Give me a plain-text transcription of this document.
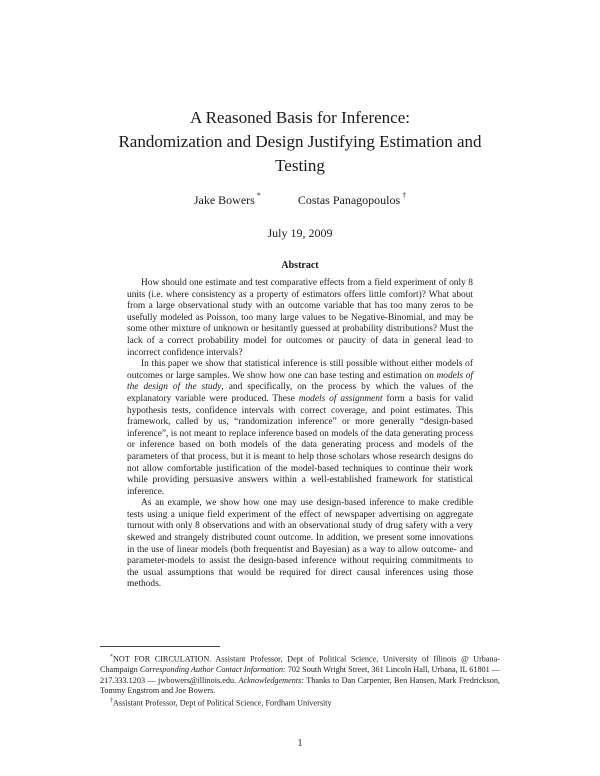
A Reasoned Basis for Inference:
Randomization and Design Justifying Estimation and
Testing
Jake Bowers *	Costas Panagopoulos †
July 19, 2009
Abstract

How should one estimate and test comparative effects from a field experiment of only 8 units (i.e. where consistency as a property of estimators offers little comfort)? What about from a large observational study with an outcome variable that has too many zeros to be usefully modeled as Poisson, too many large values to be Negative-Binomial, and may be some other mixture of unknown or hesitantly guessed at probability distributions? Must the lack of a correct probability model for outcomes or paucity of data in general lead to incorrect confidence intervals?

In this paper we show that statistical inference is still possible without either models of outcomes or large samples. We show how one can base testing and estimation on models of the design of the study, and specifically, on the process by which the values of the explanatory variable were produced. These models of assignment form a basis for valid hypothesis tests, confidence intervals with correct coverage, and point estimates. This framework, called by us, “randomization inference” or more generally “design-based inference”, is not meant to replace inference based on models of the data generating process or inference based on both models of the data generating process and models of the parameters of that process, but it is meant to help those scholars whose research designs do not allow comfortable justification of the model-based techniques to continue their work while providing persuasive answers within a well-established framework for statistical inference.

As an example, we show how one may use design-based inference to make credible tests using a unique field experiment of the effect of newspaper advertising on aggregate turnout with only 8 observations and with an observational study of drug safety with a very skewed and strangely distributed count outcome. In addition, we present some innovations in the use of linear models (both frequentist and Bayesian) as a way to allow outcome- and parameter-models to assist the design-based inference without requiring commitments to the usual assumptions that would be required for direct causal inferences using those methods.

*NOT FOR CIRCULATION. Assistant Professor, Dept of Political Science, University of Illinois @ Urbana-Champaign Corresponding Author Contact Information: 702 South Wright Street, 361 Lincoln Hall, Urbana, IL 61801 — 217.333.1203 — jwbowers@illinois.edu. Acknowledgements: Thanks to Dan Carpenter, Ben Hansen, Mark Fredrickson, Tommy Engstrom and Joe Bowers.

†Assistant Professor, Dept of Political Science, Fordham University

1
